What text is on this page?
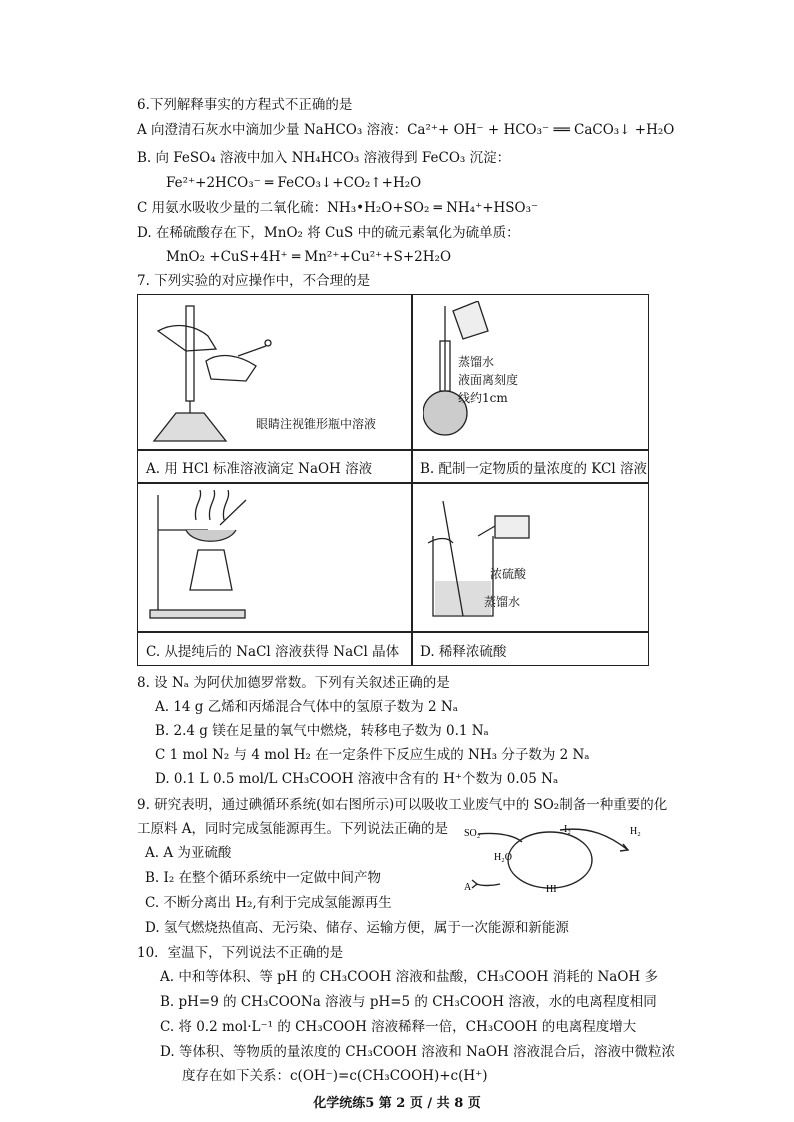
6.下列解释事实的方程式不正确的是
A 向澄清石灰水中滴加少量 NaHCO₃ 溶液：Ca²⁺+ OH⁻ + HCO₃⁻ ══ CaCO₃↓ +H₂O
B. 向 FeSO₄ 溶液中加入 NH₄HCO₃ 溶液得到 FeCO₃ 沉淀：
Fe²⁺+2HCO₃⁻ ═ FeCO₃↓+CO₂↑+H₂O
C 用氨水吸收少量的二氧化硫：NH₃•H₂O+SO₂ ═ NH₄⁺+HSO₃⁻
D. 在稀硫酸存在下，MnO₂ 将 CuS 中的硫元素氧化为硫单质：
MnO₂ +CuS+4H⁺ ═ Mn²⁺+Cu²⁺+S+2H₂O
7. 下列实验的对应操作中，不合理的是
眼睛注视锥形瓶中溶液
蒸馏水
液面离刻度
线约1cm
A. 用 HCl 标准溶液滴定 NaOH 溶液	B. 配制一定物质的量浓度的 KCl 溶液
浓硫酸
蒸馏水
C. 从提纯后的 NaCl 溶液获得 NaCl 晶体 D. 稀释浓硫酸
8. 设 Nₐ 为阿伏加德罗常数。下列有关叙述正确的是
A. 14 g 乙烯和丙烯混合气体中的氢原子数为 2 Nₐ
B. 2.4 g 镁在足量的氧气中燃烧，转移电子数为 0.1 Nₐ
C 1 mol N₂ 与 4 mol H₂ 在一定条件下反应生成的 NH₃ 分子数为 2 Nₐ
D. 0.1 L 0.5 mol/L CH₃COOH 溶液中含有的 H⁺个数为 0.05 Nₐ
9. 研究表明，通过碘循环系统(如右图所示)可以吸收工业废气中的 SO₂制备一种重要的化
工原料 A，同时完成氢能源再生。下列说法正确的是
A. A 为亚硫酸
B. I₂ 在整个循环系统中一定做中间产物
C. 不断分离出 H₂,有利于完成氢能源再生
D. 氢气燃烧热值高、无污染、储存、运输方便，属于一次能源和新能源
SO₂	I₂	H₂
H₂O
A	HI
10．室温下，下列说法不正确的是
A. 中和等体积、等 pH 的 CH₃COOH 溶液和盐酸，CH₃COOH 消耗的 NaOH 多
B. pH=9 的 CH₃COONa 溶液与 pH=5 的 CH₃COOH 溶液，水的电离程度相同
C. 将 0.2 mol·L⁻¹ 的 CH₃COOH 溶液稀释一倍，CH₃COOH 的电离程度增大
D. 等体积、等物质的量浓度的 CH₃COOH 溶液和 NaOH 溶液混合后，溶液中微粒浓
度存在如下关系：c(OH⁻)=c(CH₃COOH)+c(H⁺)
化学统练5 第 2 页 / 共 8 页
